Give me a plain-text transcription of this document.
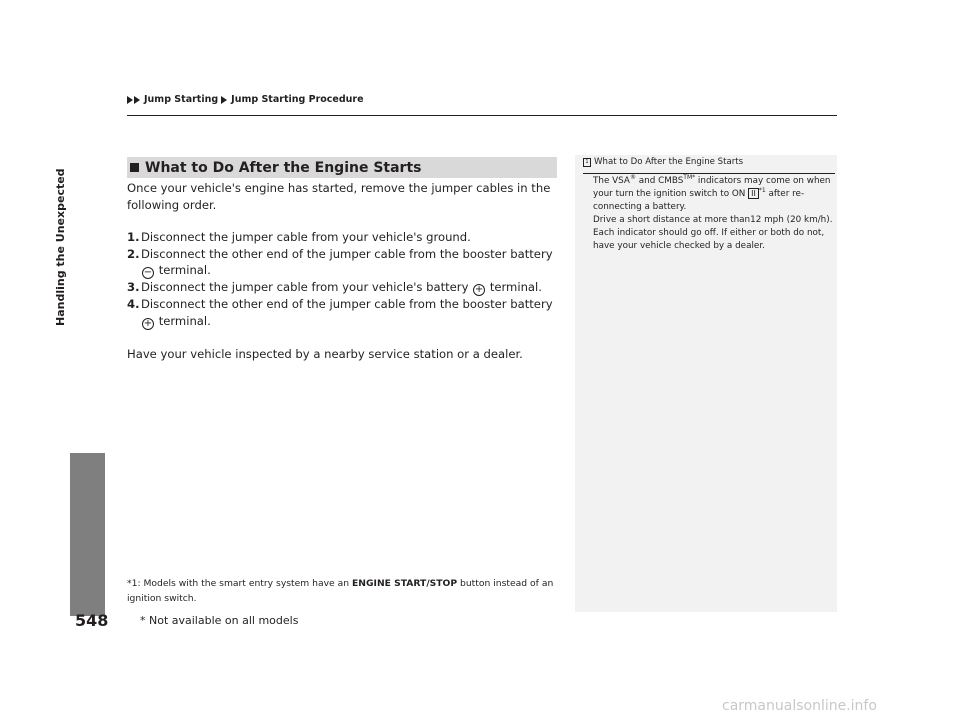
Jump Starting Jump Starting Procedure
Handling the Unexpected
548
What to Do After the Engine Starts

Once your vehicle's engine has started, remove the jumper cables in the following order.

1. Disconnect the jumper cable from your vehicle's ground.

2. Disconnect the other end of the jumper cable from the booster battery − terminal.

3. Disconnect the jumper cable from your vehicle's battery + terminal.

4. Disconnect the other end of the jumper cable from the booster battery + terminal.

Have your vehicle inspected by a nearby service station or a dealer.

*1: Models with the smart entry system have an ENGINE START/STOP button instead of an ignition switch.
1 What to Do After the Engine Starts

The VSA® and $CMBS^{TM*}$ indicators may come on when your turn the ignition switch to ON II $^{*1}$ after re-connecting a battery.

Drive a short distance at more than12 mph (20 km/h).

Each indicator should go off. If either or both do not, have your vehicle checked by a dealer.

* Not available on all models
carmanualsonline.info
